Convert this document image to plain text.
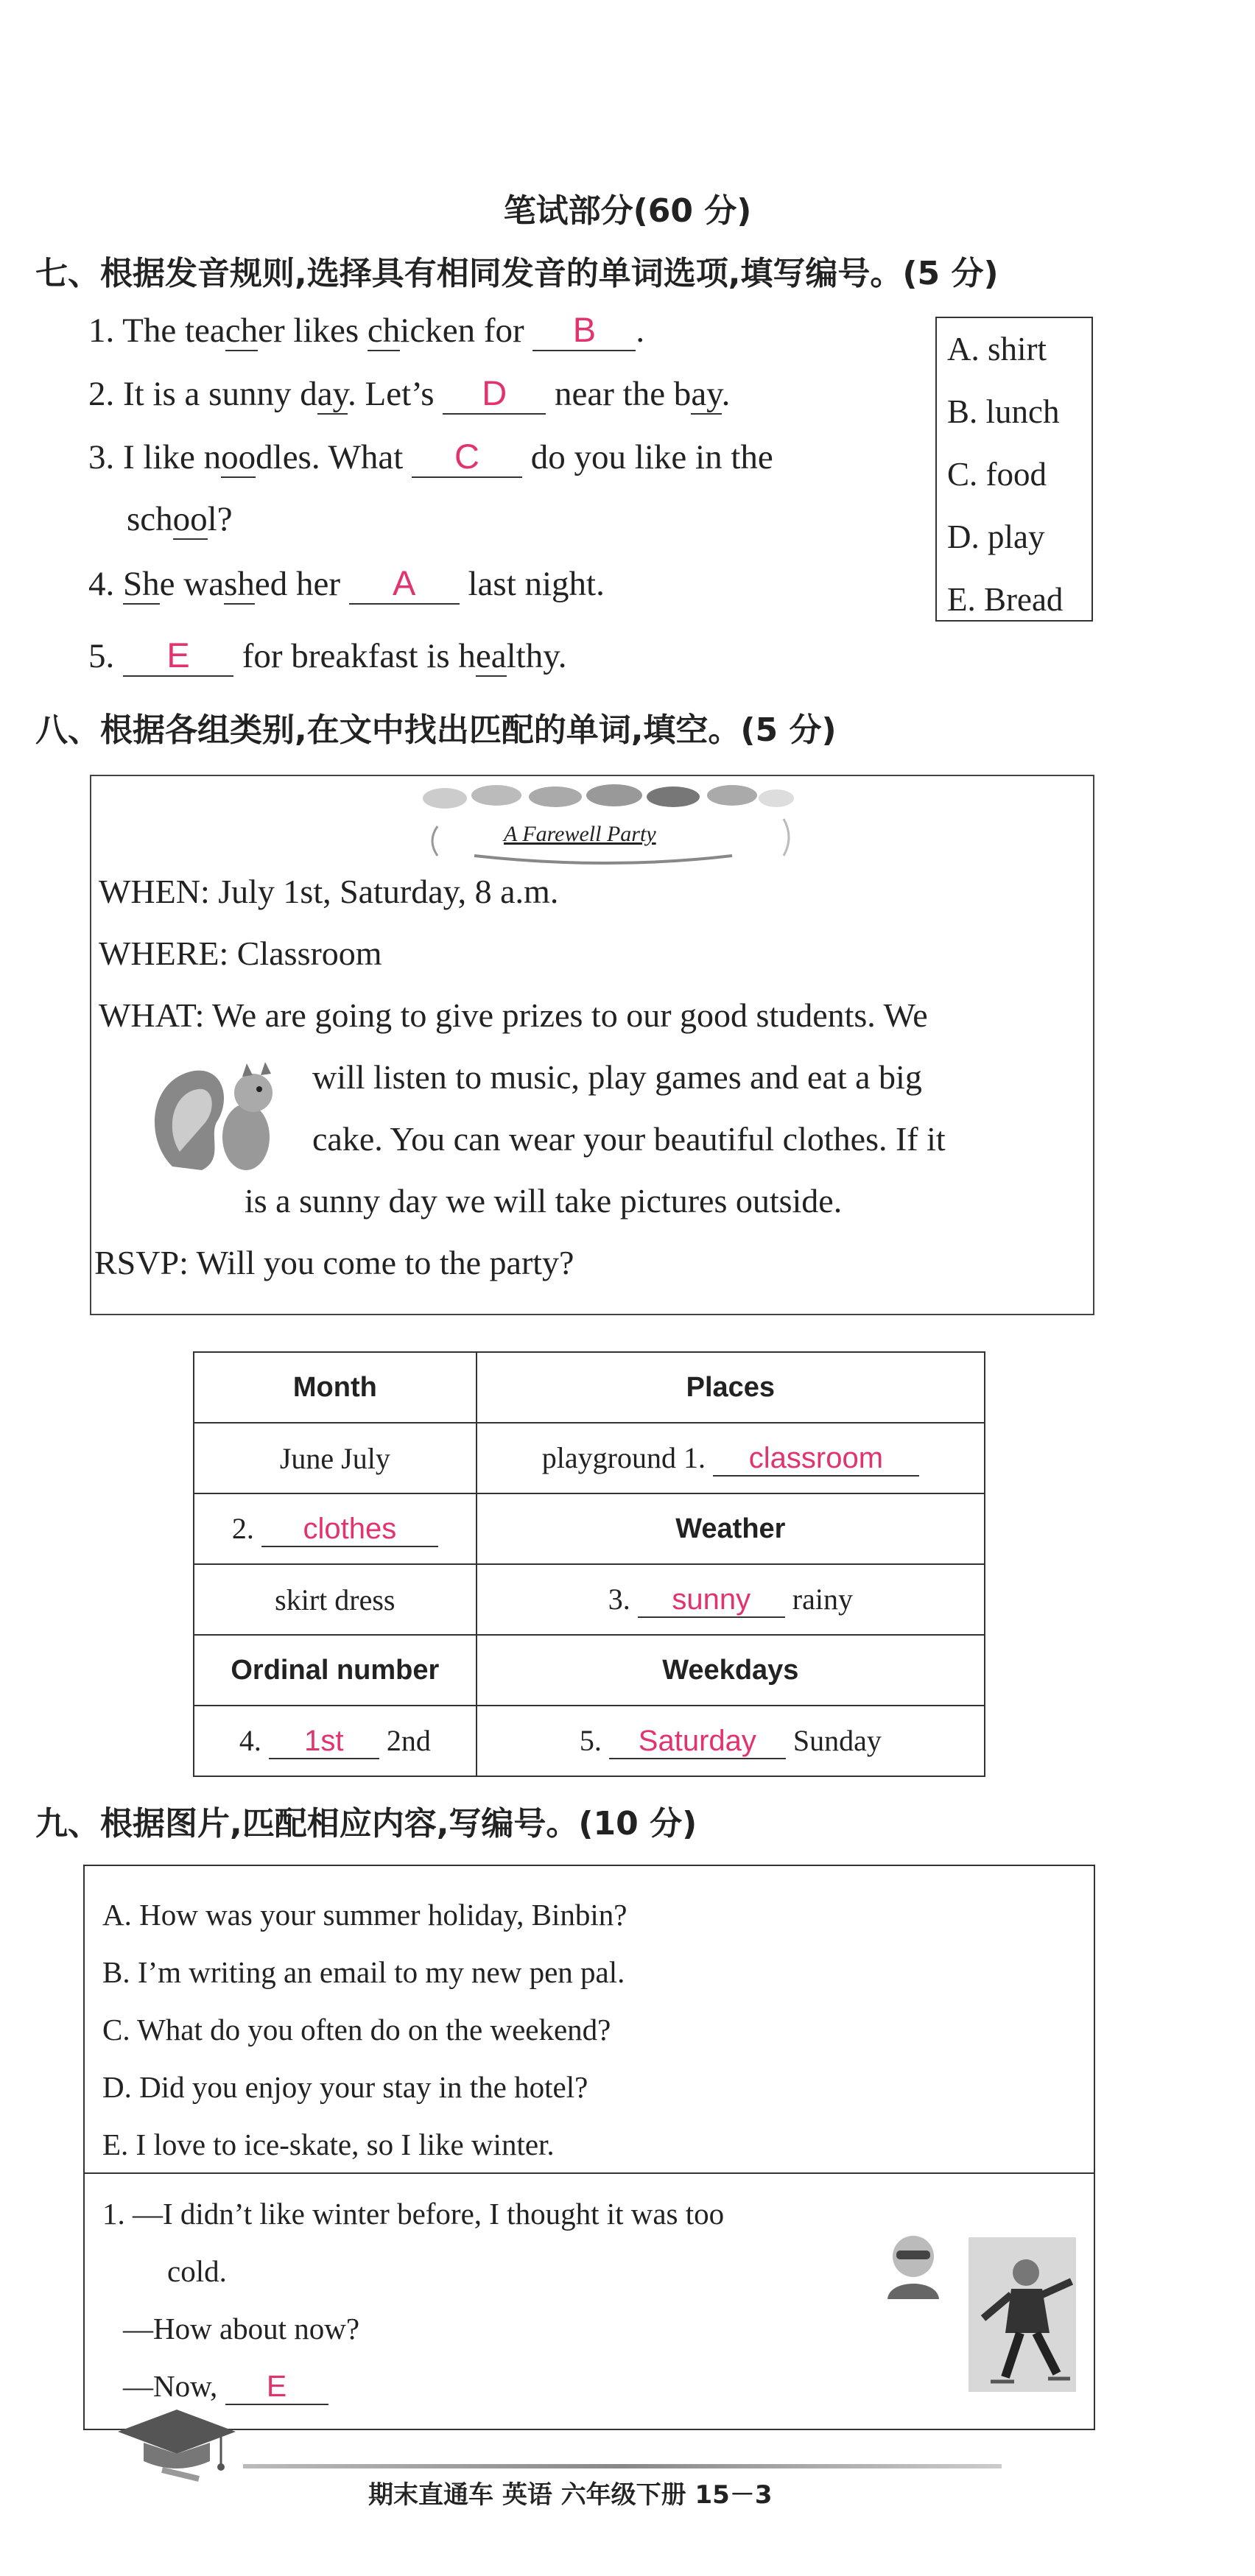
笔试部分(60 分)
七、根据发音规则,选择具有相同发音的单词选项,填写编号。(5 分)
1. The teacher likes chicken for B .
2. It is a sunny day. Let’s D near the bay.
3. I like noodles. What C do you like in the
school?
4. She washed her A last night.
5. E for breakfast is healthy.
A. shirt
B. lunch
C. food
D. play
E. Bread
八、根据各组类别,在文中找出匹配的单词,填空。(5 分)
A Farewell Party
WHEN: July 1st, Saturday, 8 a.m.
WHERE: Classroom
WHAT: We are going to give prizes to our good students. We
will listen to music, play games and eat a big
cake. You can wear your beautiful clothes. If it
is a sunny day we will take pictures outside.
RSVP: Will you come to the party?
Month	Places
June July	playground 1. classroom
2. clothes	Weather
skirt dress	3. sunny rainy
Ordinal number	Weekdays
4. 1st 2nd	5. Saturday Sunday
九、根据图片,匹配相应内容,写编号。(10 分)
A. How was your summer holiday, Binbin?
B. I’m writing an email to my new pen pal.
C. What do you often do on the weekend?
D. Did you enjoy your stay in the hotel?
E. I love to ice-skate, so I like winter.
1. —I didn’t like winter before, I thought it was too
cold.
—How about now?
—Now, E
期末直通车 英语 六年级下册 15－3
